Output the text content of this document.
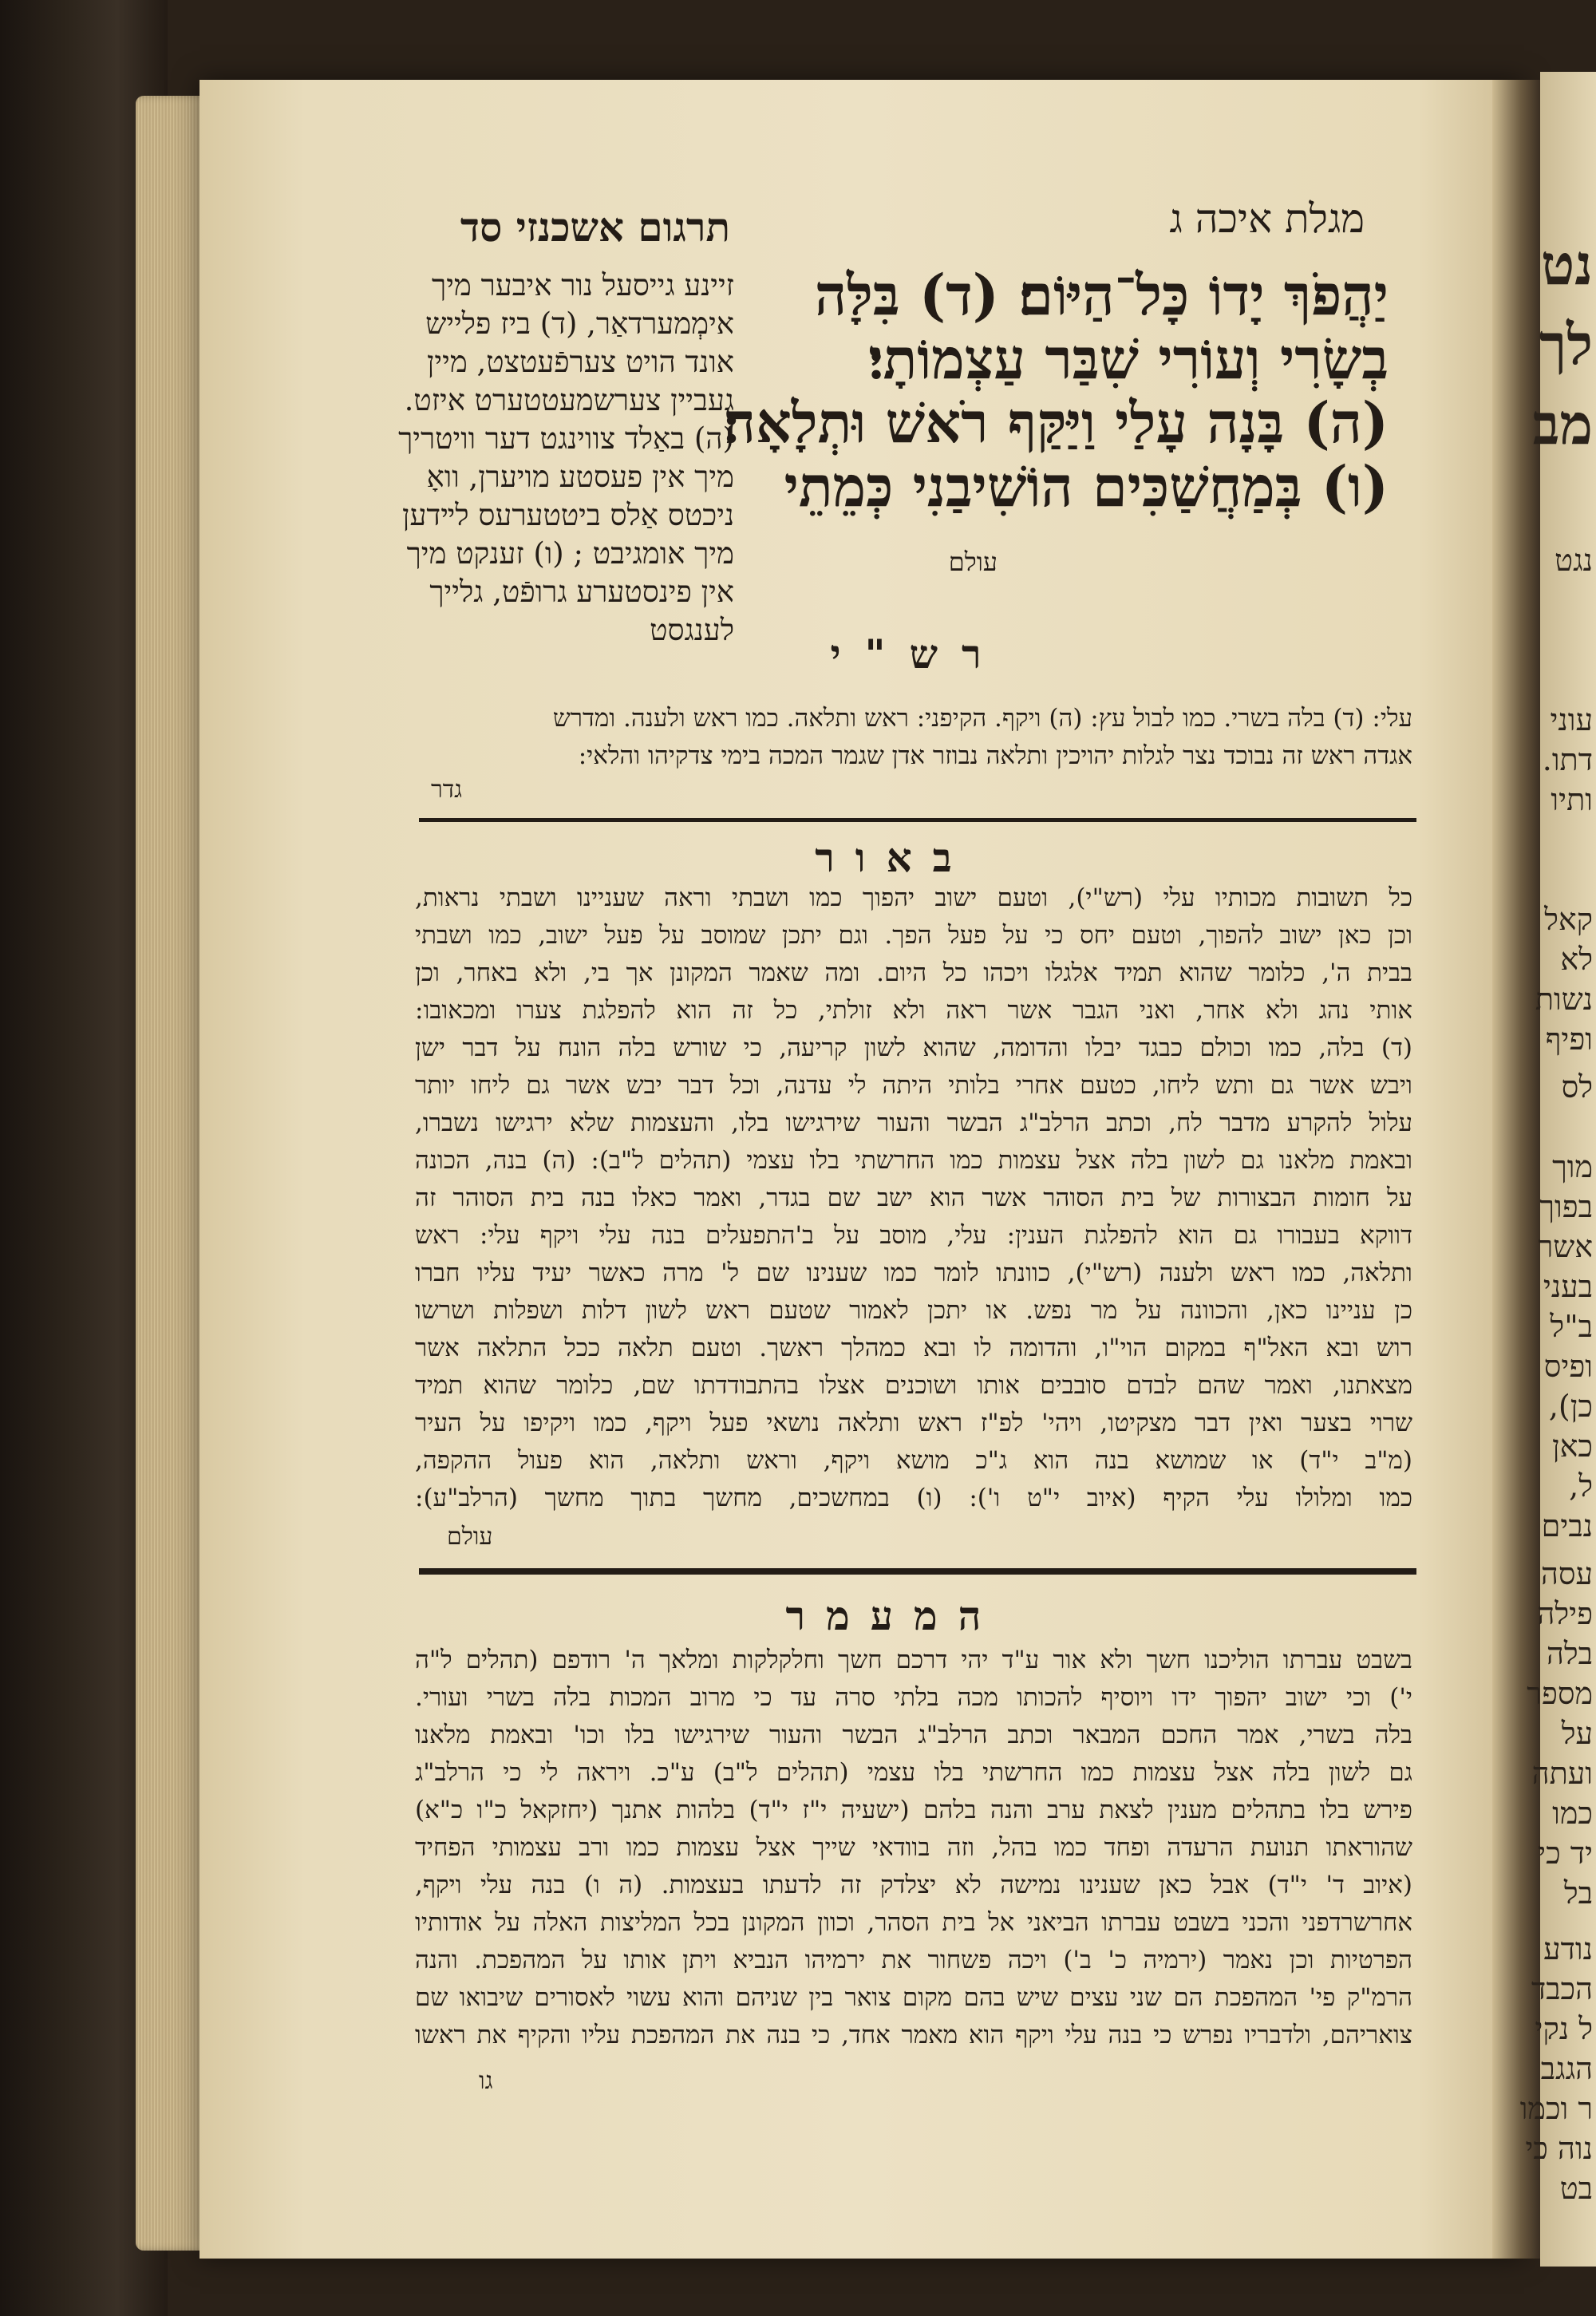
נט
לך
מב
נגט
עוני
דתו.
ותיו
קאל
לא
נשות
ופיף
לס
מוך
בפוך
אשר
בעני
ב"ל
ופיס
כן),
כאן
ל,
נבים
עסה
פילה
בלה
מספר
על
ועתה
כמו
יד כי
בל
נודע
הכבד
ל נקי
הגגב
ר וכמו
נוה כי
בט
מגלת איכה ג
תרגום אשכנזי סד
יַהֲפֹךְ יָדוֹ כָּל־הַיּוֹם׃ (ד) בִּלָּה
בְשָׂרִי וְעוֹרִי שִׁבַּר עַצְמוֹתָי׃
(ה) בָּנָה עָלַי וַיַּקַּף רֹאשׁ וּתְלָאָה׃
(ו) בְּמַחֲשַׁכִּים הוֹשִׁיבַנִי כְּמֵתֵי
עולם
זיינע גייסעל נור איבער מיך
אימְמערדאַר, (ד) ביז פלייש
אונד הויט צערפֿעטצט, מיין
געביין צערשמעטטערט איזט.
(ה) באַלד צווינגט דער וויטריך
מיך אין פעסטע מויערן, וואָ
ניכטס אַלס ביטטערעס לײדען
מיך אומגיבט ; (ו) זענקט מיך
אין פינסטערע גרופֿט, גלייך
לענגסט
רש"י
עלי: (ד) בלה בשרי. כמו לבול עץ: (ה) ויקף. הקיפני: ראש ותלאה. כמו ראש ולענה. ומדרש
אגדה ראש זה נבוכד נצר לגלות יהויכין ותלאה נבוזר אדן שגמר המכה בימי צדקיהו והלאי:
גדר
באור
כל תשובות מכותיו עלי (רש"י), וטעם ישוב יהפוך כמו ושבתי וראה שעניינו ושבתי נראות,
וכן כאן ישוב להפוך, וטעם יחס כי על פעל הפך. וגם יתכן שמוסב על פעל ישוב, כמו ושבתי
בבית ה', כלומר שהוא תמיד אלגלו ויכהו כל היום. ומה שאמר המקונן אך בי, ולא באחר, וכן
אותי נהג ולא אחר, ואני הגבר אשר ראה ולא זולתי, כל זה הוא להפלגת צערו ומכאובו:
(ד) בלה, כמו וכולם כבגד יבלו והדומה, שהוא לשון קריעה, כי שורש בלה הונח על דבר ישן
ויבש אשר גם ותש ליחו, כטעם אחרי בלותי היתה לי עדנה, וכל דבר יבש אשר גם ליחו יותר
עלול להקרע מדבר לח, וכתב הרלב"ג הבשר והעור שירגישו בלו, והעצמות שלא ירגישו נשברו,
ובאמת מלאנו גם לשון בלה אצל עצמות כמו החרשתי בלו עצמי (תהלים ל"ב): (ה) בנה, הכונה
על חומות הבצורות של בית הסוהר אשר הוא ישב שם בגדר, ואמר כאלו בנה בית הסוהר זה
דווקא בעבורו גם הוא להפלגת הענין: עלי, מוסב על ב'התפעלים בנה עלי ויקף עלי: ראש
ותלאה, כמו ראש ולענה (רש"י), כוונתו לומר כמו שענינו שם ל' מרה כאשר יעיד עליו חברו
כן עניינו כאן, והכוונה על מר נפש. או יתכן לאמור שטעם ראש לשון דלות ושפלות ושרשו
רוש ובא האל"ף במקום הוי"ו, והדומה לו ובא כמהלך ראשך. וטעם תלאה ככל התלאה אשר
מצאתנו, ואמר שהם לבדם סובבים אותו ושוכנים אצלו בהתבודדתו שם, כלומר שהוא תמיד
שרוי בצער ואין דבר מצקיטו, ויהי' לפ"ז ראש ותלאה נושאי פעל ויקף, כמו ויקיפו על העיר
(מ"ב י"ד) או שמושא בנה הוא ג"כ מושא ויקף, וראש ותלאה, הוא פעול ההקפה,
כמו ומלולו עלי הקיף (איוב י"ט ו'): (ו) במחשכים, מחשך בתוך מחשך (הרלב"ע):
עולם
המעמר
בשבט עברתו הוליכנו חשך ולא אור ע"ד יהי דרכם חשך וחלקלקות ומלאך ה' רודפם (תהלים ל"ה
י') וכי ישוב יהפוך ידו ויוסיף להכותו מכה בלתי סרה עד כי מרוב המכות בלה בשרי ועורי.
בלה בשרי, אמר החכם המבאר וכתב הרלב"ג הבשר והעור שירגישו בלו וכו' ובאמת מלאנו
גם לשון בלה אצל עצמות כמו החרשתי בלו עצמי (תהלים ל"ב) ע"כ. ויראה לי כי הרלב"ג
פירש בלו בתהלים מענין לצאת ערב והנה בלהם (ישעיה י"ז י"ד) בלהות אתנך (יחזקאל כ"ו כ"א)
שהוראתו תנועת הרעדה ופחד כמו בהל, וזה בוודאי שייך אצל עצמות כמו ורב עצמותי הפחיד
(איוב ד' י"ד) אבל כאן שענינו נמישה לא יצלדק זה לדעתו בעצמות. (ה ו) בנה עלי ויקף,
אחרשרדפני והכני בשבט עברתו הביאני אל בית הסהר, וכוון המקונן בכל המליצות האלה על אודותיו
הפרטיות וכן נאמר (ירמיה כ' ב') ויכה פשחור את ירמיהו הנביא ויתן אותו על המהפכת. והנה
הרמ"ק פי' המהפכת הם שני עצים שיש בהם מקום צואר בין שניהם והוא עשוי לאסורים שיבואו שם
צואריהם, ולדבריו נפרש כי בנה עלי ויקף הוא מאמר אחד, כי בנה את המהפכת עליו והקיף את ראשו
גו
